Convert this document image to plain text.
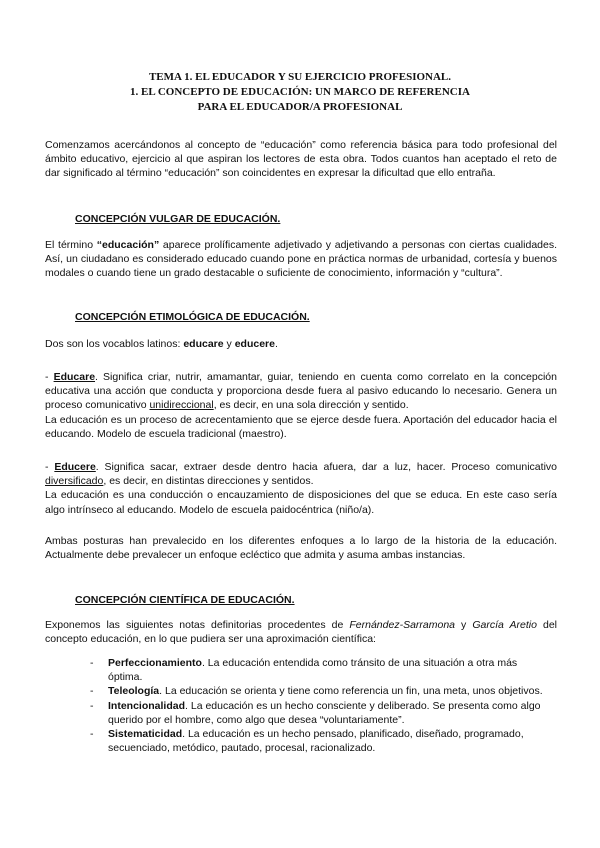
TEMA 1. EL EDUCADOR Y SU EJERCICIO PROFESIONAL.
1. EL CONCEPTO DE EDUCACIÓN: UN MARCO DE REFERENCIA
PARA EL EDUCADOR/A PROFESIONAL

Comenzamos acercándonos al concepto de “educación” como referencia básica para todo profesional del ámbito educativo, ejercicio al que aspiran los lectores de esta obra. Todos cuantos han aceptado el reto de dar significado al término “educación” son coincidentes en expresar la dificultad que ello entraña.

CONCEPCIÓN VULGAR DE EDUCACIÓN.

El término “educación” aparece prolíficamente adjetivado y adjetivando a personas con ciertas cualidades. Así, un ciudadano es considerado educado cuando pone en práctica normas de urbanidad, cortesía y buenos modales o cuando tiene un grado destacable o suficiente de conocimiento, información y “cultura”.

CONCEPCIÓN ETIMOLÓGICA DE EDUCACIÓN.

Dos son los vocablos latinos: educare y educere.

- Educare. Significa criar, nutrir, amamantar, guiar, teniendo en cuenta como correlato en la concepción educativa una acción que conducta y proporciona desde fuera al pasivo educando lo necesario. Genera un proceso comunicativo unidireccional, es decir, en una sola dirección y sentido.

La educación es un proceso de acrecentamiento que se ejerce desde fuera. Aportación del educador hacia el educando. Modelo de escuela tradicional (maestro).

- Educere. Significa sacar, extraer desde dentro hacia afuera, dar a luz, hacer. Proceso comunicativo diversificado, es decir, en distintas direcciones y sentidos.

La educación es una conducción o encauzamiento de disposiciones del que se educa. En este caso sería algo intrínseco al educando. Modelo de escuela paidocéntrica (niño/a).

Ambas posturas han prevalecido en los diferentes enfoques a lo largo de la historia de la educación. Actualmente debe prevalecer un enfoque ecléctico que admita y asuma ambas instancias.

CONCEPCIÓN CIENTÍFICA DE EDUCACIÓN.

Exponemos las siguientes notas definitorias procedentes de Fernández-Sarramona y García Aretio del concepto educación, en lo que pudiera ser una aproximación científica:

- Perfeccionamiento. La educación entendida como tránsito de una situación a otra más óptima.
- Teleología. La educación se orienta y tiene como referencia un fin, una meta, unos objetivos.
- Intencionalidad. La educación es un hecho consciente y deliberado. Se presenta como algo querido por el hombre, como algo que desea “voluntariamente”.
- Sistematicidad. La educación es un hecho pensado, planificado, diseñado, programado, secuenciado, metódico, pautado, procesal, racionalizado.
